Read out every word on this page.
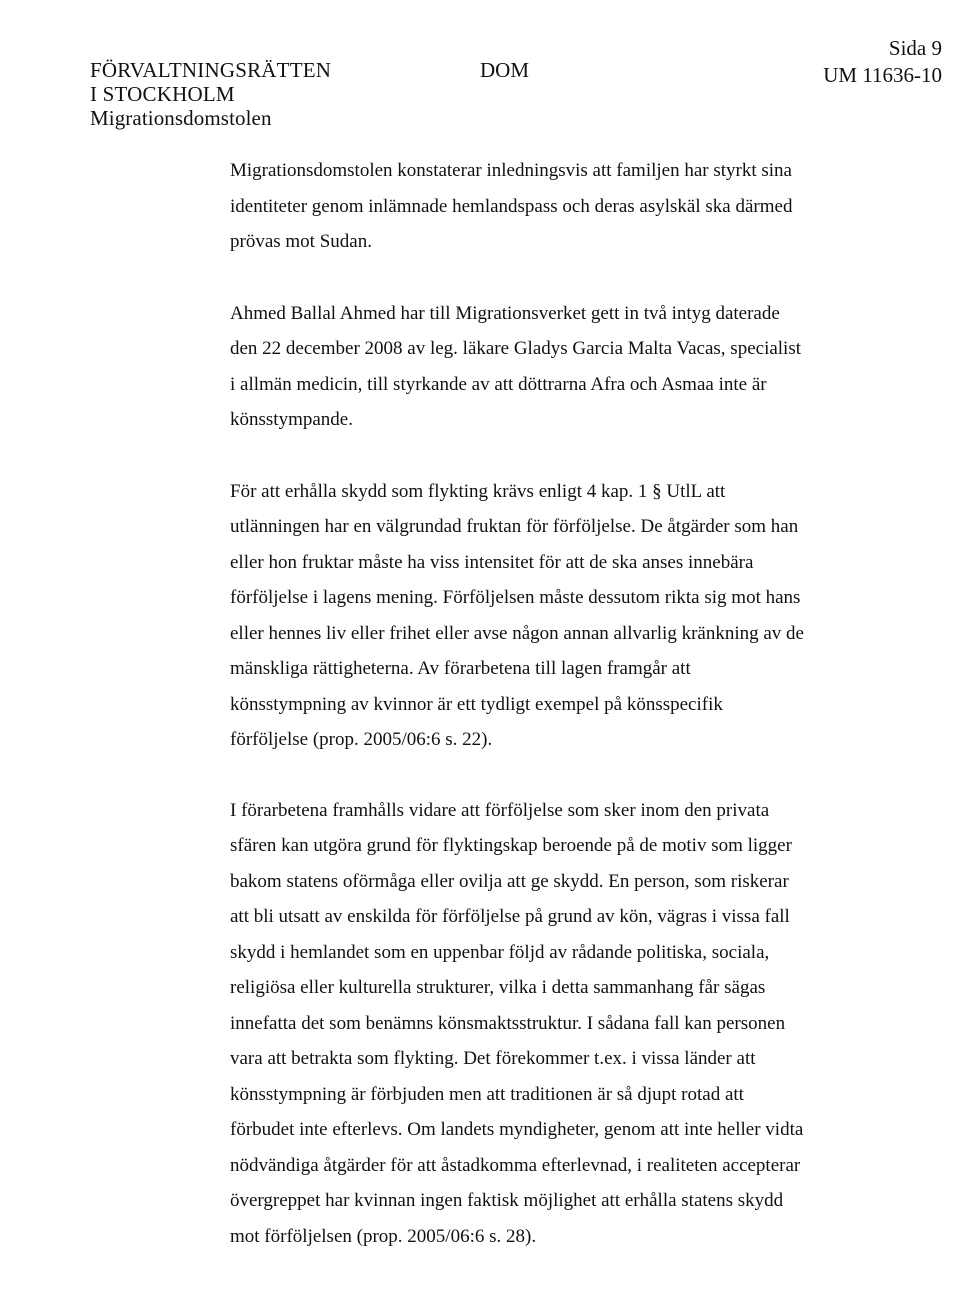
FÖRVALTNINGSRÄTTEN
I STOCKHOLM
Migrationsdomstolen
DOM
Sida 9
UM 11636-10

Migrationsdomstolen konstaterar inledningsvis att familjen har styrkt sina
identiteter genom inlämnade hemlandspass och deras asylskäl ska därmed
prövas mot Sudan.

Ahmed Ballal Ahmed har till Migrationsverket gett in två intyg daterade
den 22 december 2008 av leg. läkare Gladys Garcia Malta Vacas, specialist
i allmän medicin, till styrkande av att döttrarna Afra och Asmaa inte är
könsstympande.

För att erhålla skydd som flykting krävs enligt 4 kap. 1 § UtlL att
utlänningen har en välgrundad fruktan för förföljelse. De åtgärder som han
eller hon fruktar måste ha viss intensitet för att de ska anses innebära
förföljelse i lagens mening. Förföljelsen måste dessutom rikta sig mot hans
eller hennes liv eller frihet eller avse någon annan allvarlig kränkning av de
mänskliga rättigheterna. Av förarbetena till lagen framgår att
könsstympning av kvinnor är ett tydligt exempel på könsspecifik
förföljelse (prop. 2005/06:6 s. 22).

I förarbetena framhålls vidare att förföljelse som sker inom den privata
sfären kan utgöra grund för flyktingskap beroende på de motiv som ligger
bakom statens oförmåga eller ovilja att ge skydd. En person, som riskerar
att bli utsatt av enskilda för förföljelse på grund av kön, vägras i vissa fall
skydd i hemlandet som en uppenbar följd av rådande politiska, sociala,
religiösa eller kulturella strukturer, vilka i detta sammanhang får sägas
innefatta det som benämns könsmaktsstruktur. I sådana fall kan personen
vara att betrakta som flykting. Det förekommer t.ex. i vissa länder att
könsstympning är förbjuden men att traditionen är så djupt rotad att
förbudet inte efterlevs. Om landets myndigheter, genom att inte heller vidta
nödvändiga åtgärder för att åstadkomma efterlevnad, i realiteten accepterar
övergreppet har kvinnan ingen faktisk möjlighet att erhålla statens skydd
mot förföljelsen (prop. 2005/06:6 s. 28).
